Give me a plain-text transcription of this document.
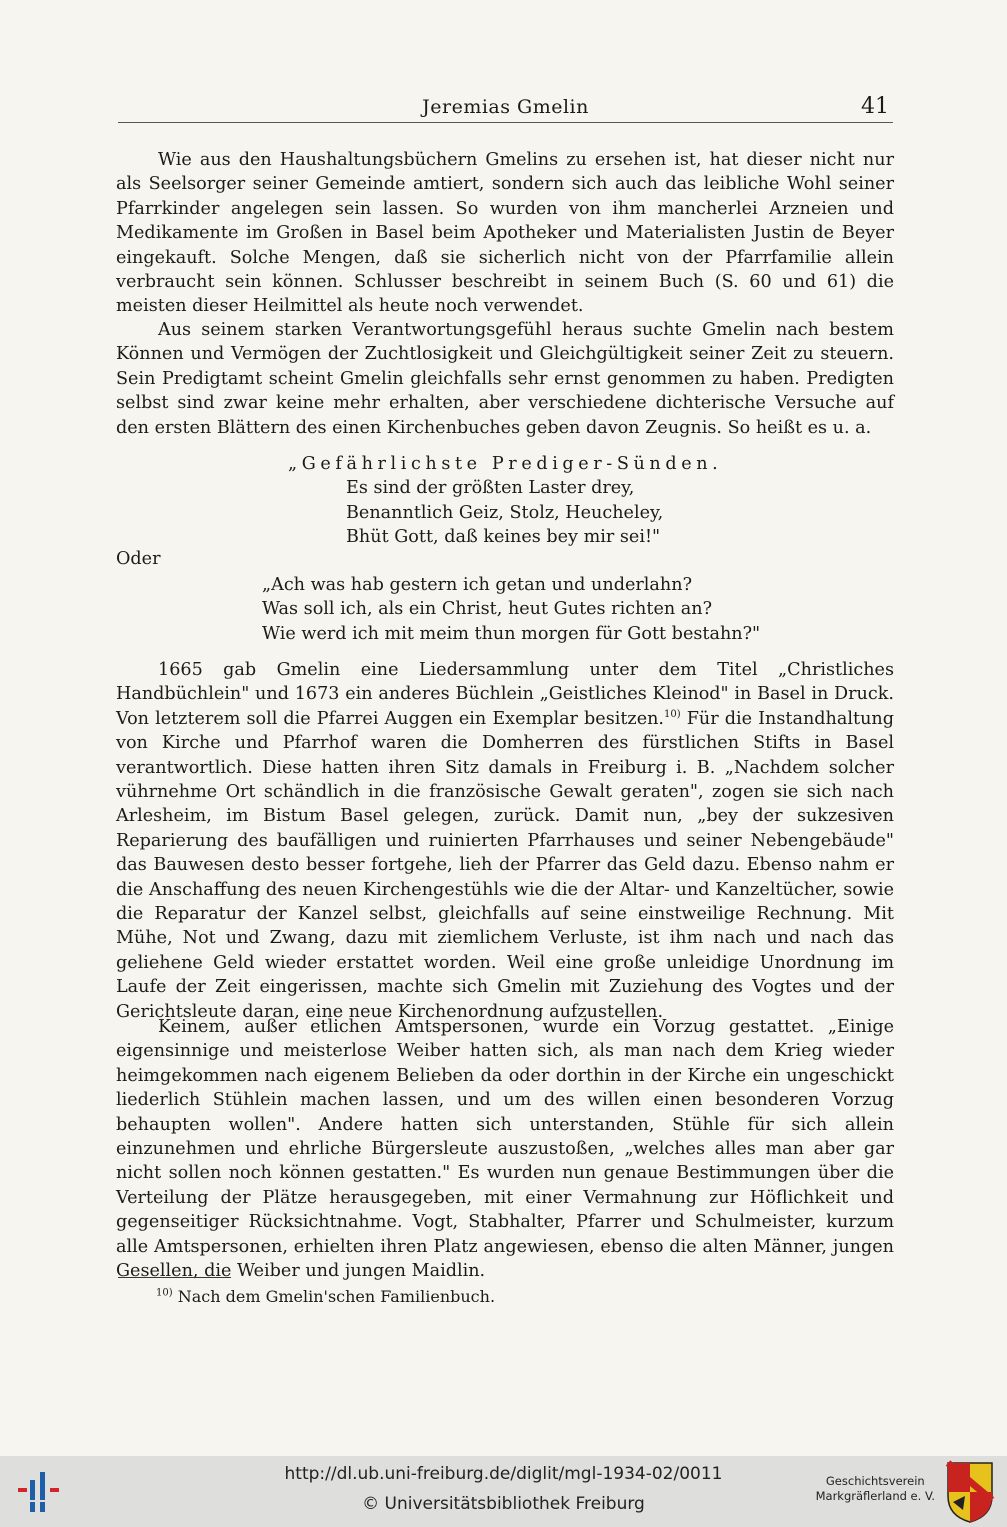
Jeremias Gmelin	41
Wie aus den Haushaltungsbüchern Gmelins zu ersehen ist, hat dieser nicht nur als Seelsorger seiner Gemeinde amtiert, sondern sich auch das leibliche Wohl seiner Pfarrkinder angelegen sein lassen. So wurden von ihm mancherlei Arzneien und Medikamente im Großen in Basel beim Apotheker und Materialisten Justin de Beyer eingekauft. Solche Mengen, daß sie sicherlich nicht von der Pfarrfamilie allein verbraucht sein können. Schlusser beschreibt in seinem Buch (S. 60 und 61) die meisten dieser Heilmittel als heute noch verwendet.
Aus seinem starken Verantwortungsgefühl heraus suchte Gmelin nach bestem Können und Vermögen der Zuchtlosigkeit und Gleichgültigkeit seiner Zeit zu steuern. Sein Predigtamt scheint Gmelin gleichfalls sehr ernst genommen zu haben. Predigten selbst sind zwar keine mehr erhalten, aber verschiedene dichterische Versuche auf den ersten Blättern des einen Kirchenbuches geben davon Zeugnis. So heißt es u. a.
„Gefährlichste Prediger-Sünden.
Es sind der größten Laster drey,
Benanntlich Geiz, Stolz, Heucheley,
Bhüt Gott, daß keines bey mir sei!"
Oder
„Ach was hab gestern ich getan und underlahn?
Was soll ich, als ein Christ, heut Gutes richten an?
Wie werd ich mit meim thun morgen für Gott bestahn?"
1665 gab Gmelin eine Liedersammlung unter dem Titel „Christliches Handbüchlein" und 1673 ein anderes Büchlein „Geistliches Kleinod" in Basel in Druck. Von letzterem soll die Pfarrei Auggen ein Exemplar besitzen.$^{10)}$ Für die Instandhaltung von Kirche und Pfarrhof waren die Domherren des fürstlichen Stifts in Basel verantwortlich. Diese hatten ihren Sitz damals in Freiburg i. B. „Nachdem solcher vührnehme Ort schändlich in die französische Gewalt geraten", zogen sie sich nach Arlesheim, im Bistum Basel gelegen, zurück. Damit nun, „bey der sukzesiven Reparierung des baufälligen und ruinierten Pfarrhauses und seiner Nebengebäude" das Bauwesen desto besser fortgehe, lieh der Pfarrer das Geld dazu. Ebenso nahm er die Anschaffung des neuen Kirchengestühls wie die der Altar- und Kanzeltücher, sowie die Reparatur der Kanzel selbst, gleichfalls auf seine einstweilige Rechnung. Mit Mühe, Not und Zwang, dazu mit ziemlichem Verluste, ist ihm nach und nach das geliehene Geld wieder erstattet worden. Weil eine große unleidige Unordnung im Laufe der Zeit eingerissen, machte sich Gmelin mit Zuziehung des Vogtes und der Gerichtsleute daran, eine neue Kirchenordnung aufzustellen.
Keinem, außer etlichen Amtspersonen, wurde ein Vorzug gestattet. „Einige eigensinnige und meisterlose Weiber hatten sich, als man nach dem Krieg wieder heimgekommen nach eigenem Belieben da oder dorthin in der Kirche ein ungeschickt liederlich Stühlein machen lassen, und um des willen einen besonderen Vorzug behaupten wollen". Andere hatten sich unterstanden, Stühle für sich allein einzunehmen und ehrliche Bürgersleute auszustoßen, „welches alles man aber gar nicht sollen noch können gestatten." Es wurden nun genaue Bestimmungen über die Verteilung der Plätze herausgegeben, mit einer Vermahnung zur Höflichkeit und gegenseitiger Rücksichtnahme. Vogt, Stabhalter, Pfarrer und Schulmeister, kurzum alle Amtspersonen, erhielten ihren Platz angewiesen, ebenso die alten Männer, jungen Gesellen, die Weiber und jungen Maidlin.
$^{10)}$ Nach dem Gmelin'schen Familienbuch.
http://dl.ub.uni-freiburg.de/diglit/mgl-1934-02/0011
© Universitätsbibliothek Freiburg
Geschichtsverein
Markgräflerland e. V.
